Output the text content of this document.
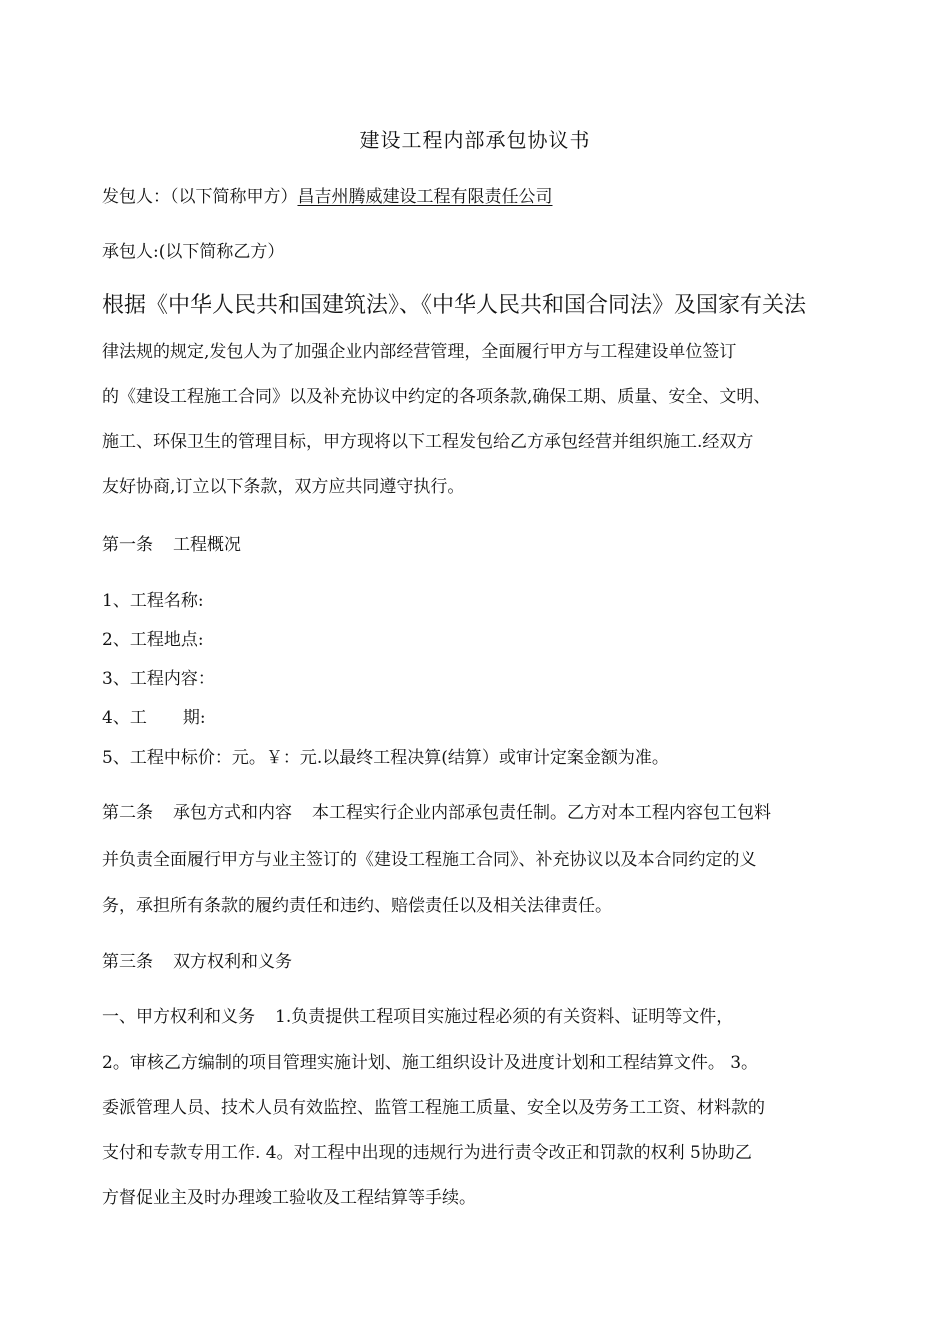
建设工程内部承包协议书
发包人：（以下简称甲方）昌吉州腾威建设工程有限责任公司
承包人:(以下简称乙方）
根据《中华人民共和国建筑法》、《中华人民共和国合同法》及国家有关法
律法规的规定,发包人为了加强企业内部经营管理，全面履行甲方与工程建设单位签订
的《建设工程施工合同》以及补充协议中约定的各项条款,确保工期、质量、安全、文明、
施工、环保卫生的管理目标，甲方现将以下工程发包给乙方承包经营并组织施工.经双方
友好协商,订立以下条款，双方应共同遵守执行。
第一条 工程概况
1、工程名称:
2、工程地点:
3、工程内容：
4、工 期:
5、工程中标价：元。￥：元.以最终工程决算(结算）或审计定案金额为准。
第二条 承包方式和内容 本工程实行企业内部承包责任制。乙方对本工程内容包工包料
并负责全面履行甲方与业主签订的《建设工程施工合同》、补充协议以及本合同约定的义
务，承担所有条款的履约责任和违约、赔偿责任以及相关法律责任。
第三条 双方权利和义务
一、甲方权利和义务 1.负责提供工程项目实施过程必须的有关资料、证明等文件，
2。审核乙方编制的项目管理实施计划、施工组织设计及进度计划和工程结算文件。 3。
委派管理人员、技术人员有效监控、监管工程施工质量、安全以及劳务工工资、材料款的
支付和专款专用工作. 4。对工程中出现的违规行为进行责令改正和罚款的权利 5协助乙
方督促业主及时办理竣工验收及工程结算等手续。
